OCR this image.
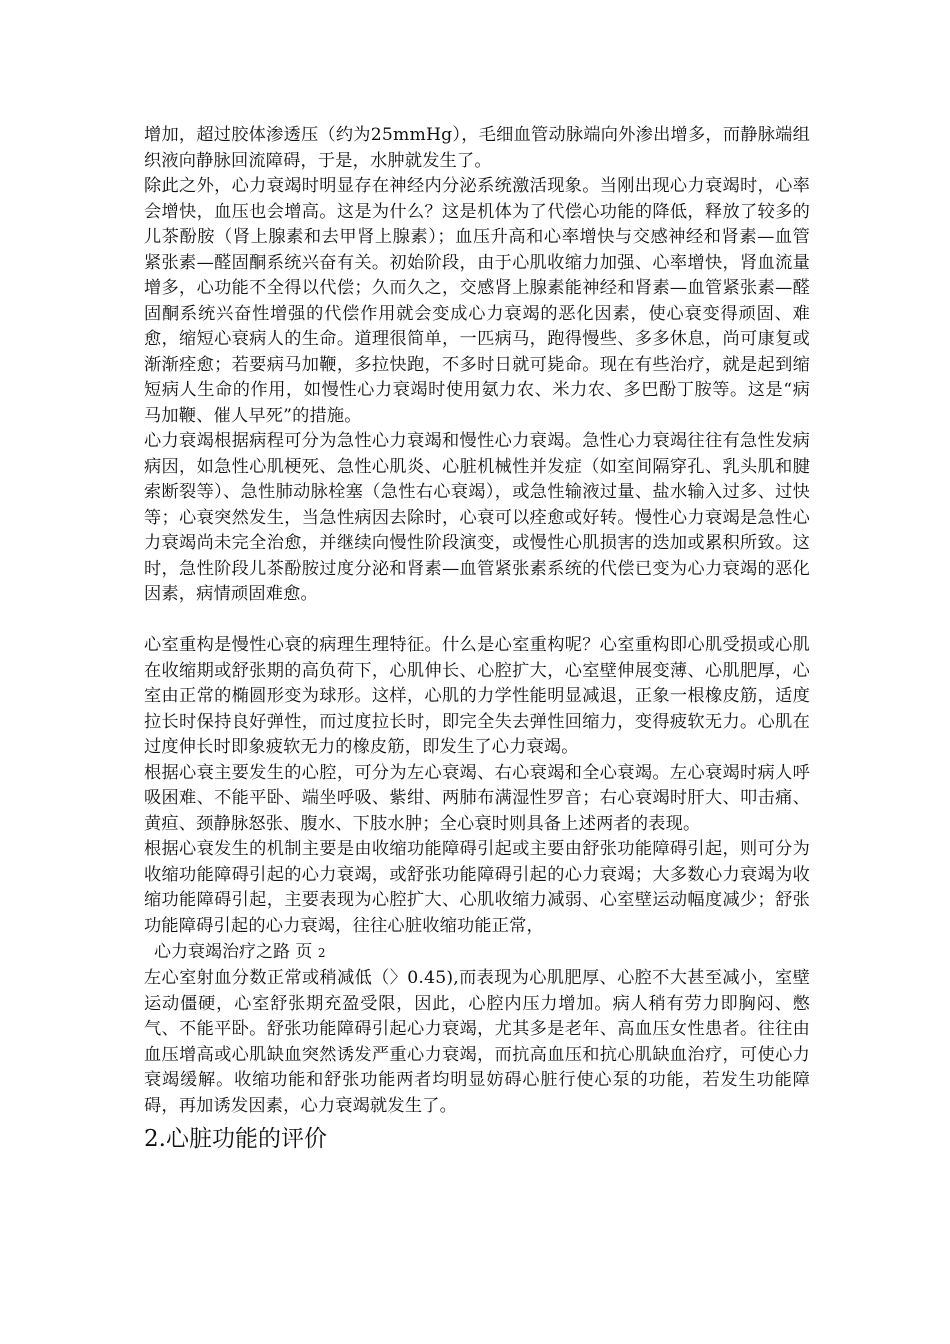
增加，超过胶体渗透压（约为25mmHg），毛细血管动脉端向外渗出增多，而静脉端组织液向静脉回流障碍，于是，水肿就发生了。

除此之外，心力衰竭时明显存在神经内分泌系统激活现象。当刚出现心力衰竭时，心率会增快，血压也会增高。这是为什么？这是机体为了代偿心功能的降低，释放了较多的儿茶酚胺（肾上腺素和去甲肾上腺素）；血压升高和心率增快与交感神经和肾素—血管紧张素—醛固酮系统兴奋有关。初始阶段，由于心肌收缩力加强、心率增快，肾血流量增多，心功能不全得以代偿；久而久之，交感肾上腺素能神经和肾素—血管紧张素—醛固酮系统兴奋性增强的代偿作用就会变成心力衰竭的恶化因素，使心衰变得顽固、难愈，缩短心衰病人的生命。道理很简单，一匹病马，跑得慢些、多多休息，尚可康复或渐渐痊愈；若要病马加鞭，多拉快跑，不多时日就可毙命。现在有些治疗，就是起到缩短病人生命的作用，如慢性心力衰竭时使用氨力农、米力农、多巴酚丁胺等。这是“病马加鞭、催人早死”的措施。

心力衰竭根据病程可分为急性心力衰竭和慢性心力衰竭。急性心力衰竭往往有急性发病病因，如急性心肌梗死、急性心肌炎、心脏机械性并发症（如室间隔穿孔、乳头肌和腱索断裂等）、急性肺动脉栓塞（急性右心衰竭），或急性输液过量、盐水输入过多、过快等；心衰突然发生，当急性病因去除时，心衰可以痊愈或好转。慢性心力衰竭是急性心力衰竭尚未完全治愈，并继续向慢性阶段演变，或慢性心肌损害的迭加或累积所致。这时，急性阶段儿茶酚胺过度分泌和肾素—血管紧张素系统的代偿已变为心力衰竭的恶化因素，病情顽固难愈。

心室重构是慢性心衰的病理生理特征。什么是心室重构呢？心室重构即心肌受损或心肌在收缩期或舒张期的高负荷下，心肌伸长、心腔扩大，心室壁伸展变薄、心肌肥厚，心室由正常的椭圆形变为球形。这样，心肌的力学性能明显减退，正象一根橡皮筋，适度拉长时保持良好弹性，而过度拉长时，即完全失去弹性回缩力，变得疲软无力。心肌在过度伸长时即象疲软无力的橡皮筋，即发生了心力衰竭。

根据心衰主要发生的心腔，可分为左心衰竭、右心衰竭和全心衰竭。左心衰竭时病人呼吸困难、不能平卧、端坐呼吸、紫绀、两肺布满湿性罗音；右心衰竭时肝大、叩击痛、黄疸、颈静脉怒张、腹水、下肢水肿；全心衰时则具备上述两者的表现。

根据心衰发生的机制主要是由收缩功能障碍引起或主要由舒张功能障碍引起，则可分为收缩功能障碍引起的心力衰竭，或舒张功能障碍引起的心力衰竭；大多数心力衰竭为收缩功能障碍引起，主要表现为心腔扩大、心肌收缩力减弱、心室壁运动幅度减少；舒张功能障碍引起的心力衰竭，往往心脏收缩功能正常，

心力衰竭治疗之路 页 2

左心室射血分数正常或稍减低（〉0.45),而表现为心肌肥厚、心腔不大甚至减小，室壁运动僵硬，心室舒张期充盈受限，因此，心腔内压力增加。病人稍有劳力即胸闷、憋气、不能平卧。舒张功能障碍引起心力衰竭，尤其多是老年、高血压女性患者。往往由血压增高或心肌缺血突然诱发严重心力衰竭，而抗高血压和抗心肌缺血治疗，可使心力衰竭缓解。收缩功能和舒张功能两者均明显妨碍心脏行使心泵的功能，若发生功能障碍，再加诱发因素，心力衰竭就发生了。

2.心脏功能的评价
